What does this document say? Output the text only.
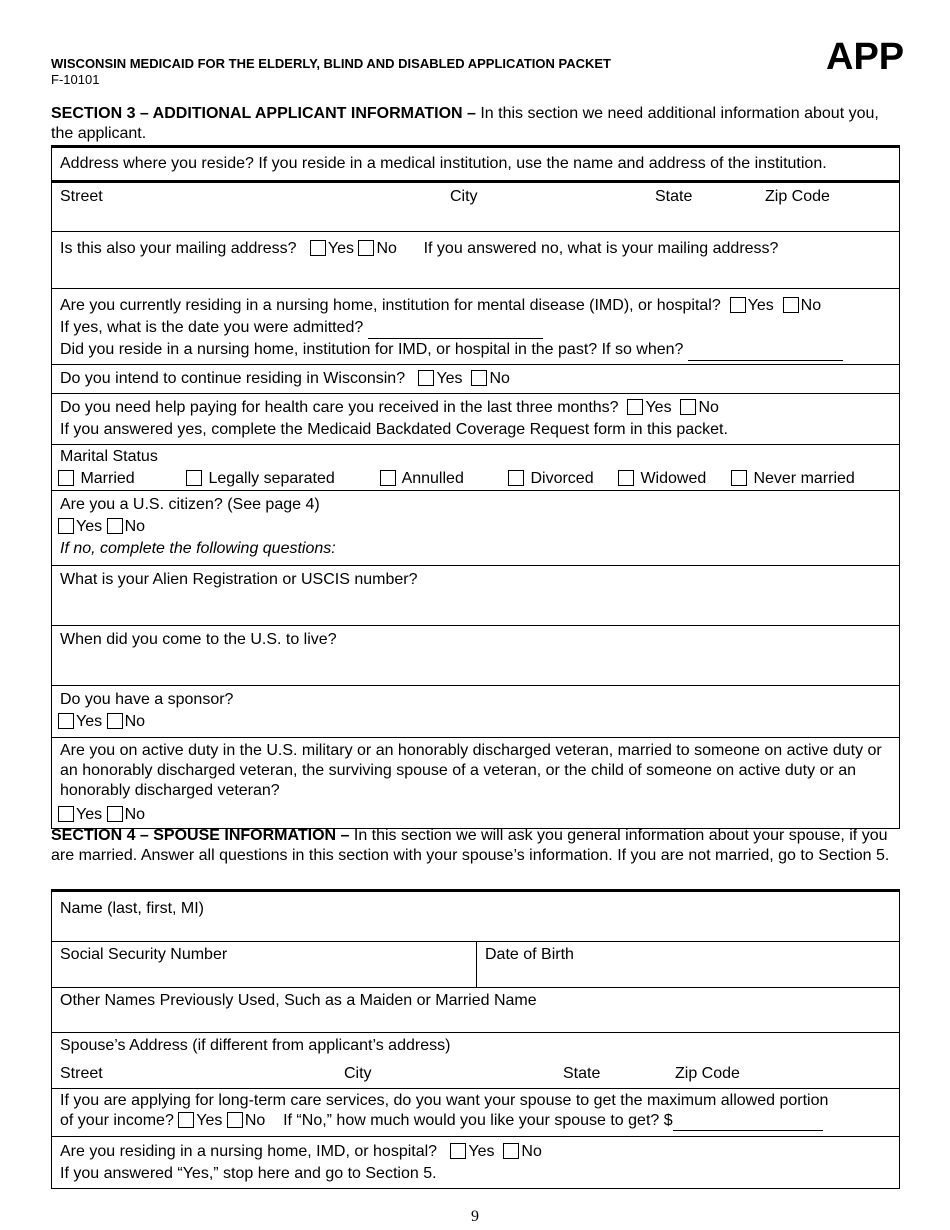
WISCONSIN MEDICAID FOR THE ELDERLY, BLIND AND DISABLED APPLICATION PACKET
F-10101
APP
SECTION 3 – ADDITIONAL APPLICANT INFORMATION – In this section we need additional information about you, the applicant.
Address where you reside? If you reside in a medical institution, use the name and address of the institution.

Street	City	State	Zip Code

Is this also your mailing address? Yes No If you answered no, what is your mailing address?

Are you currently residing in a nursing home, institution for mental disease (IMD), or hospital? Yes No
If yes, what is the date you were admitted?
Did you reside in a nursing home, institution for IMD, or hospital in the past? If so when?

Do you intend to continue residing in Wisconsin? Yes No

Do you need help paying for health care you received in the last three months? Yes No
If you answered yes, complete the Medicaid Backdated Coverage Request form in this packet.

Marital Status
Married	Legally separated	Annulled	Divorced	Widowed	Never married

Are you a U.S. citizen? (See page 4)
Yes No
If no, complete the following questions:

What is your Alien Registration or USCIS number?
When did you come to the U.S. to live?

Do you have a sponsor?
Yes No

Are you on active duty in the U.S. military or an honorably discharged veteran, married to someone on active duty or an honorably discharged veteran, the surviving spouse of a veteran, or the child of someone on active duty or an honorably discharged veteran?
Yes No
SECTION 4 – SPOUSE INFORMATION – In this section we will ask you general information about your spouse, if you are married. Answer all questions in this section with your spouse’s information. If you are not married, go to Section 5.
Name (last, first, MI)
Social Security Number	Date of Birth
Other Names Previously Used, Such as a Maiden or Married Name

Spouse’s Address (if different from applicant’s address)
Street	City	State	Zip Code

If you are applying for long-term care services, do you want your spouse to get the maximum allowed portion
of your income? Yes No If “No,” how much would you like your spouse to get? $

Are you residing in a nursing home, IMD, or hospital? Yes No
If you answered “Yes,” stop here and go to Section 5.
9
